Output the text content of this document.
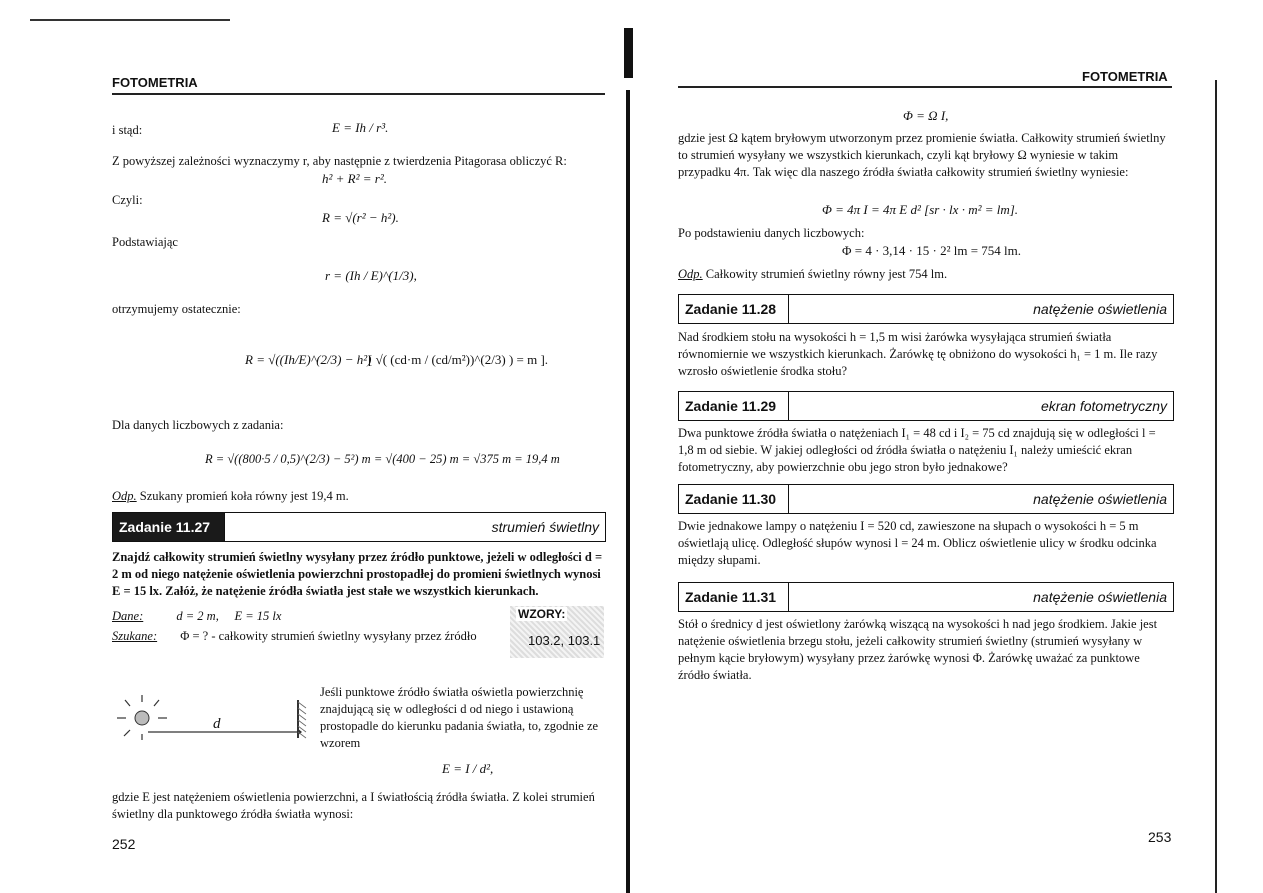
FOTOMETRIA
i stąd:	E = Ih / r³.
Z powyższej zależności wyznaczymy r, aby następnie z twierdzenia Pitagorasa obliczyć R:
h² + R² = r².
Czyli:
R = √(r² − h²).
Podstawiając
r = (Ih / E)^(1/3),
otrzymujemy ostatecznie:
R = √((Ih/E)^(2/3) − h²)
[ √( (cd·m / (cd/m²))^(2/3) ) = m ].
Dla danych liczbowych z zadania:
R = √((800·5 / 0,5)^(2/3) − 5²) m = √(400 − 25) m = √375 m = 19,4 m
Odp. Szukany promień koła równy jest 19,4 m.
Zadanie 11.27	strumień świetlny
Znajdź całkowity strumień świetlny wysyłany przez źródło punktowe, jeżeli w odległości d = 2 m od niego natężenie oświetlenia powierzchni prostopadłej do promieni świetlnych wynosi E = 15 lx. Załóż, że natężenie źródła światła jest stałe we wszystkich kierunkach.
Dane:	d = 2 m,     E = 15 lx
Szukane: Φ = ? - całkowity strumień świetlny wysyłany przez źródło
WZORY:
103.2, 103.1
d
Jeśli punktowe źródło światła oświetla powierzchnię znajdującą się w odległości d od niego i ustawioną prostopadle do kierunku padania światła, to, zgodnie ze wzorem
E = I / d²,
gdzie E jest natężeniem oświetlenia powierzchni, a I światłością źródła światła. Z kolei strumień świetlny dla punktowego źródła światła wynosi:
252
FOTOMETRIA
Φ = Ω I,
gdzie jest Ω kątem bryłowym utworzonym przez promienie światła. Całkowity strumień świetlny to strumień wysyłany we wszystkich kierunkach, czyli kąt bryłowy Ω wyniesie w takim przypadku 4π. Tak więc dla naszego źródła światła całkowity strumień świetlny wyniesie:
Φ = 4π I = 4π E d² [sr · lx · m² = lm].
Po podstawieniu danych liczbowych:
Φ = 4 · 3,14 · 15 · 2² lm = 754 lm.
Odp. Całkowity strumień świetlny równy jest 754 lm.
Zadanie 11.28	natężenie oświetlenia
Nad środkiem stołu na wysokości h = 1,5 m wisi żarówka wysyłająca strumień światła równomiernie we wszystkich kierunkach. Żarówkę tę obniżono do wysokości h₁ = 1 m. Ile razy wzrosło oświetlenie środka stołu?
Zadanie 11.29	ekran fotometryczny
Dwa punktowe źródła światła o natężeniach I₁ = 48 cd i I₂ = 75 cd znajdują się w odległości l = 1,8 m od siebie. W jakiej odległości od źródła światła o natężeniu I₁ należy umieścić ekran fotometryczny, aby powierzchnie obu jego stron było jednakowe?
Zadanie 11.30	natężenie oświetlenia
Dwie jednakowe lampy o natężeniu I = 520 cd, zawieszone na słupach o wysokości h = 5 m oświetlają ulicę. Odległość słupów wynosi l = 24 m. Oblicz oświetlenie ulicy w środku odcinka między słupami.
Zadanie 11.31	natężenie oświetlenia
Stół o średnicy d jest oświetlony żarówką wiszącą na wysokości h nad jego środkiem. Jakie jest natężenie oświetlenia brzegu stołu, jeżeli całkowity strumień świetlny (strumień wysyłany w pełnym kącie bryłowym) wysyłany przez żarówkę wynosi Φ. Żarówkę uważać za punktowe źródło światła.
253
